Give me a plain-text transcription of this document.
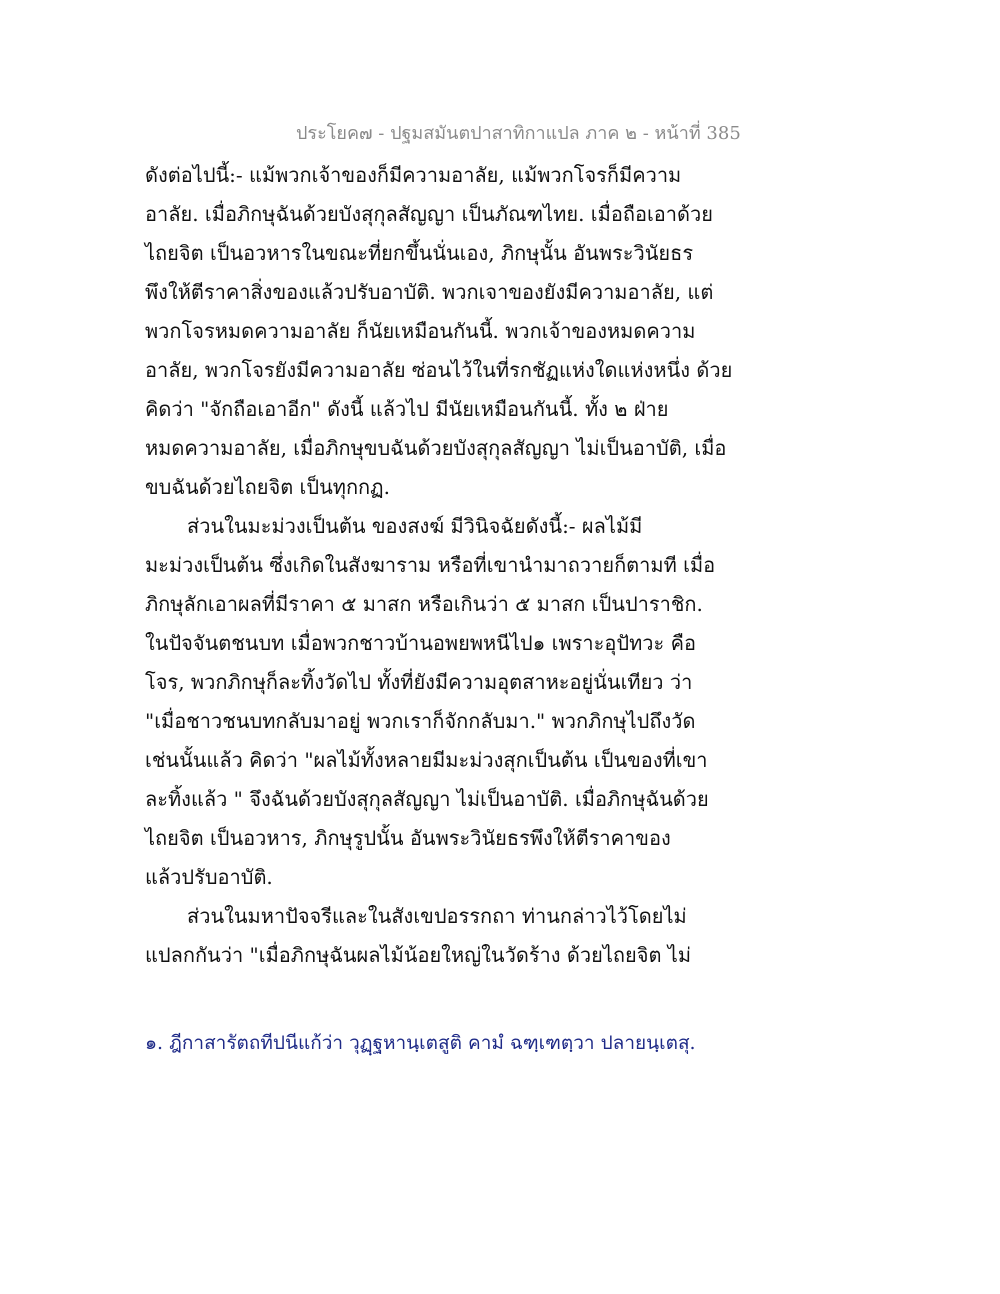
ประโยค๗ - ปฐมสมันตปาสาทิกาแปล ภาค ๒ - หน้าที่ 385
ดังต่อไปนี้:- แม้พวกเจ้าของก็มีความอาลัย, แม้พวกโจรก็มีความ
อาลัย. เมื่อภิกษุฉันด้วยบังสุกุลสัญญา เป็นภัณฑไทย. เมื่อถือเอาด้วย
ไถยจิต เป็นอวหารในขณะที่ยกขึ้นนั่นเอง, ภิกษุนั้น อันพระวินัยธร
พึงให้ตีราคาสิ่งของแล้วปรับอาบัติ. พวกเจาของยังมีความอาลัย, แต่
พวกโจรหมดความอาลัย ก็นัยเหมือนกันนี้. พวกเจ้าของหมดความ
อาลัย, พวกโจรยังมีความอาลัย ซ่อนไว้ในที่รกชัฏแห่งใดแห่งหนึ่ง ด้วย
คิดว่า "จักถือเอาอีก" ดังนี้ แล้วไป มีนัยเหมือนกันนี้. ทั้ง ๒ ฝ่าย
หมดความอาลัย, เมื่อภิกษุขบฉันด้วยบังสุกุลสัญญา ไม่เป็นอาบัติ, เมื่อ
ขบฉันด้วยไถยจิต เป็นทุกกฏ.
ส่วนในมะม่วงเป็นต้น ของสงฆ์ มีวินิจฉัยดังนี้:- ผลไม้มี
มะม่วงเป็นต้น ซึ่งเกิดในสังฆาราม หรือที่เขานำมาถวายก็ตามที เมื่อ
ภิกษุลักเอาผลที่มีราคา ๕ มาสก หรือเกินว่า ๕ มาสก เป็นปาราชิก.
ในปัจจันตชนบท เมื่อพวกชาวบ้านอพยพหนีไป๑ เพราะอุปัทวะ คือ
โจร, พวกภิกษุก็ละทิ้งวัดไป ทั้งที่ยังมีความอุตสาหะอยู่นั่นเทียว ว่า
"เมื่อชาวชนบทกลับมาอยู่ พวกเราก็จักกลับมา." พวกภิกษุไปถึงวัด
เช่นนั้นแล้ว คิดว่า "ผลไม้ทั้งหลายมีมะม่วงสุกเป็นต้น เป็นของที่เขา
ละทิ้งแล้ว " จึงฉันด้วยบังสุกุลสัญญา ไม่เป็นอาบัติ. เมื่อภิกษุฉันด้วย
ไถยจิต เป็นอวหาร, ภิกษุรูปนั้น อันพระวินัยธรพึงให้ตีราคาของ
แล้วปรับอาบัติ.
ส่วนในมหาปัจจรีและในสังเขปอรรกถา ท่านกล่าวไว้โดยไม่
แปลกกันว่า "เมื่อภิกษุฉันผลไม้น้อยใหญ่ในวัดร้าง ด้วยไถยจิต ไม่
๑. ฎีกาสารัตถทีปนีแก้ว่า วุฏฺฐหานฺเตสูติ คามํ ฉฑฺเฑตฺวา ปลายนฺเตสุ.
